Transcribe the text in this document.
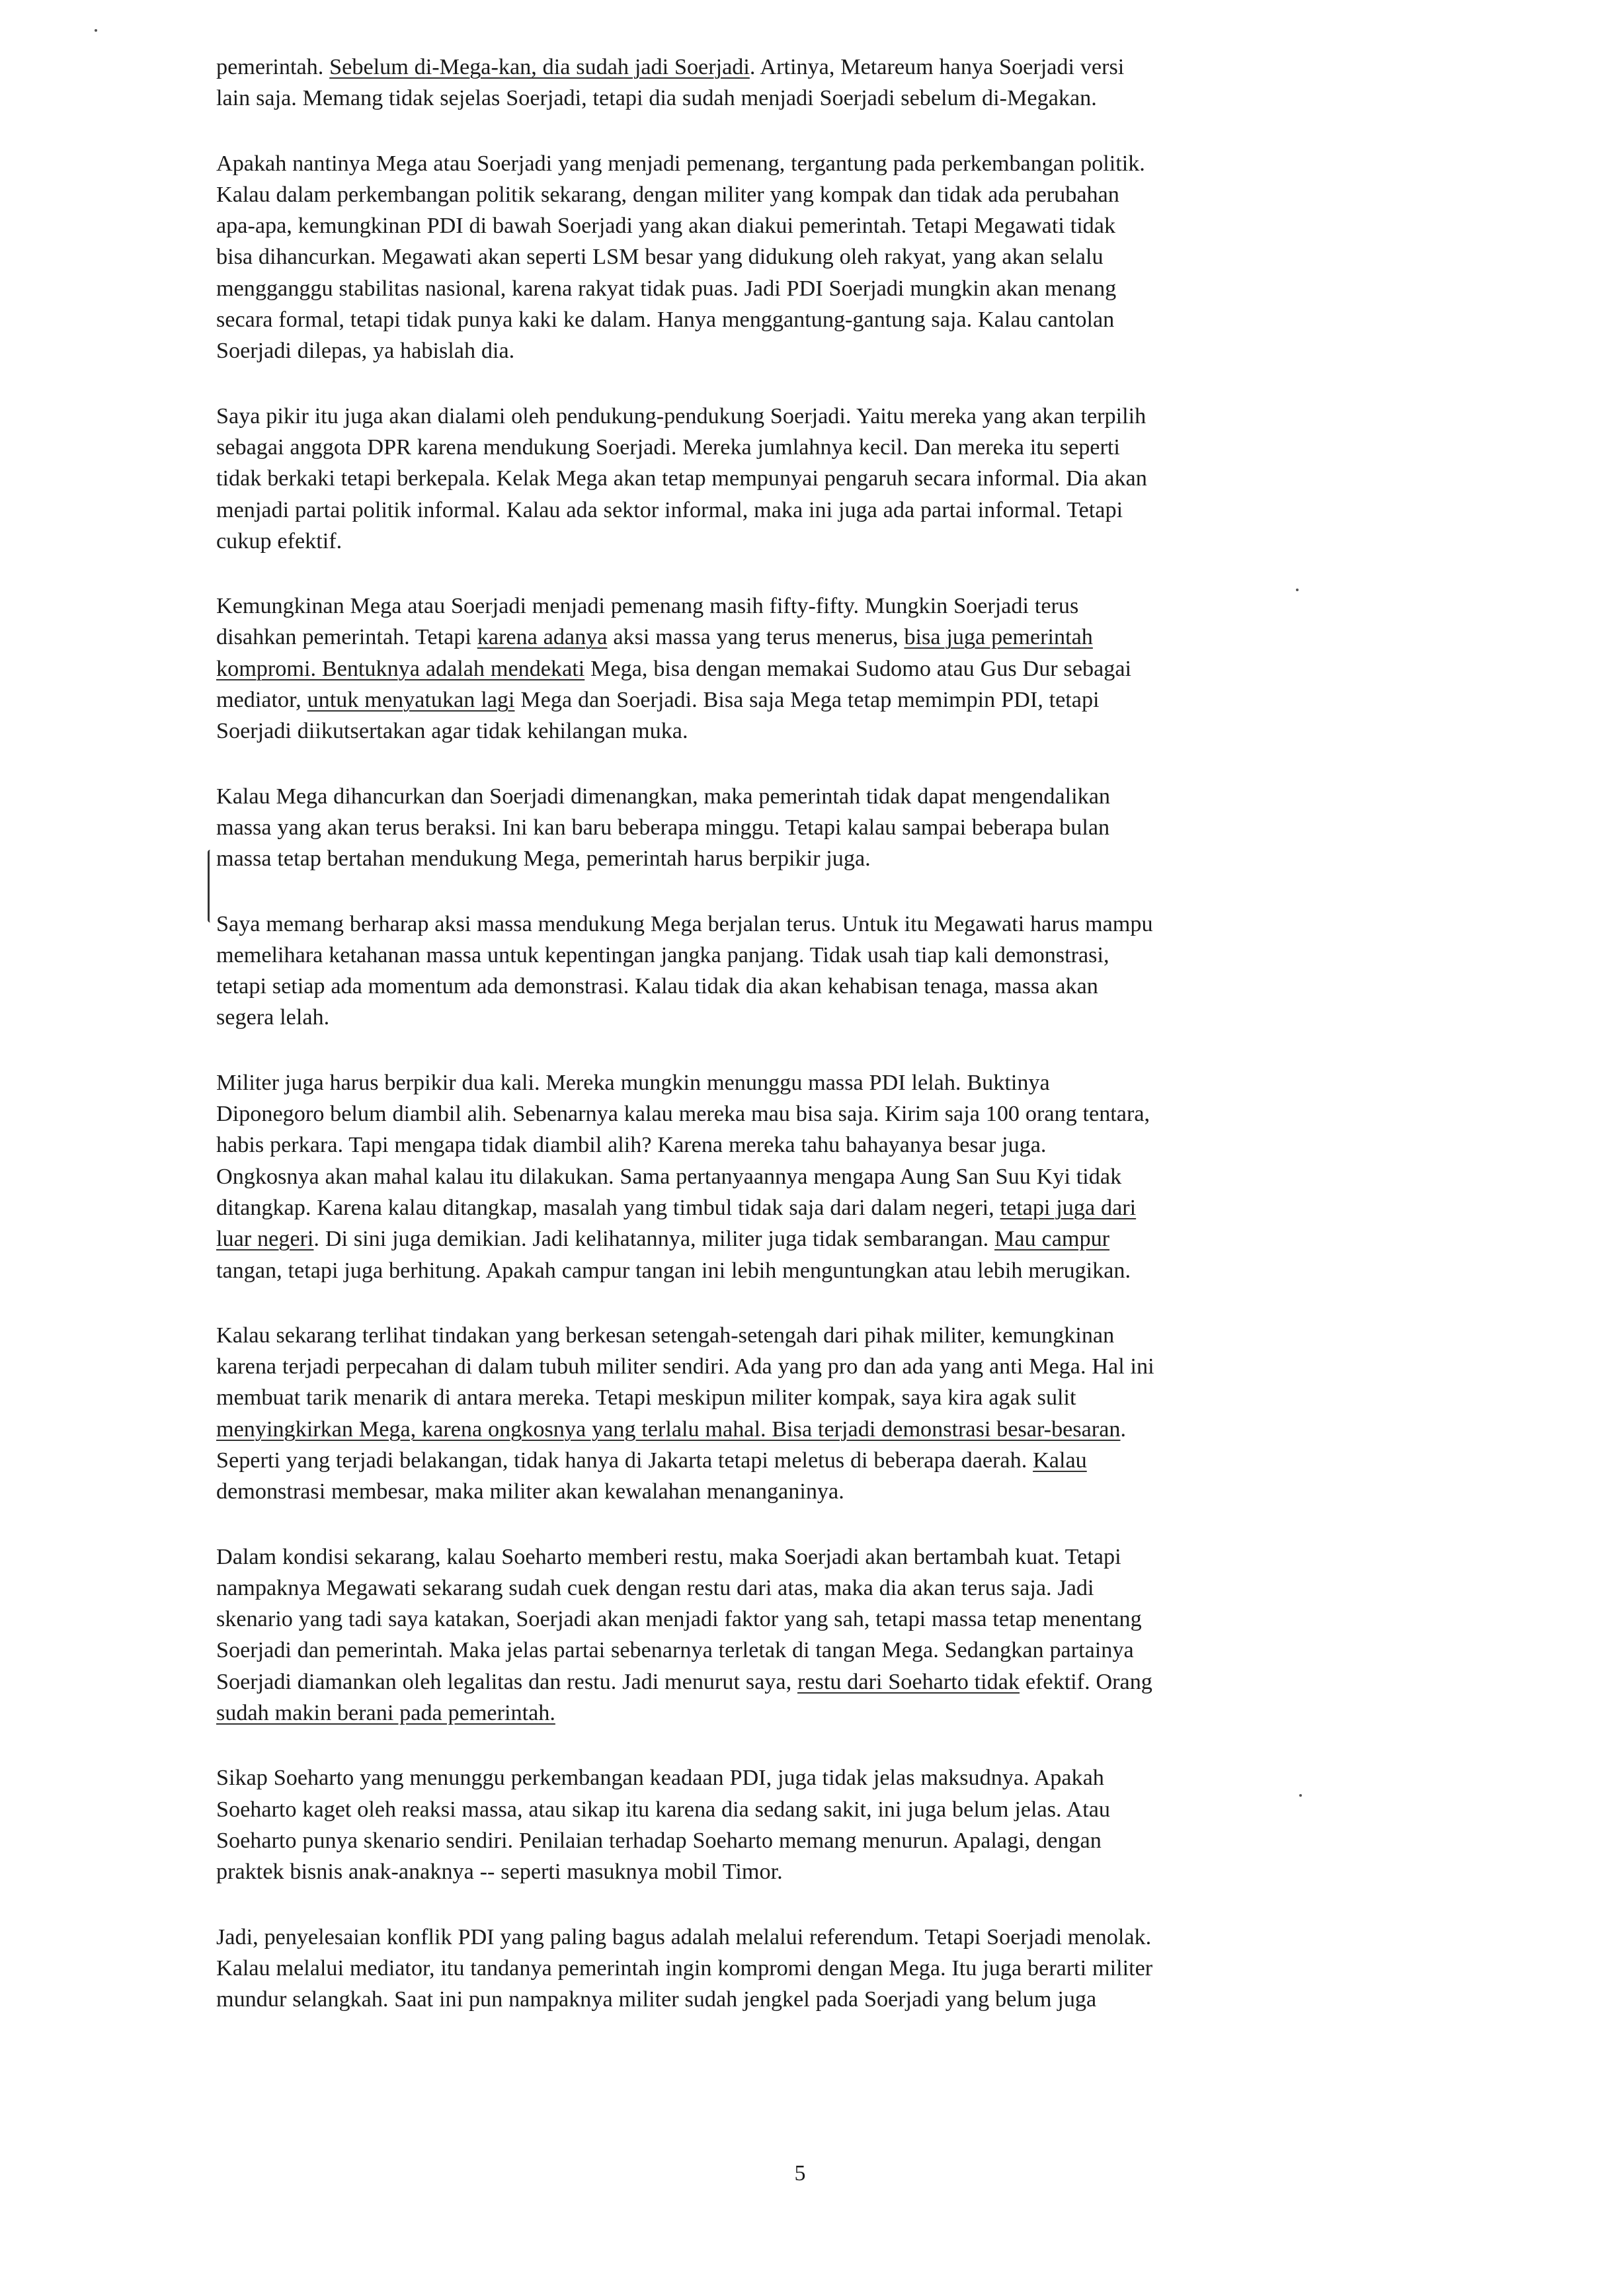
pemerintah. Sebelum di-Mega-kan, dia sudah jadi Soerjadi. Artinya, Metareum hanya Soerjadi versi
lain saja. Memang tidak sejelas Soerjadi, tetapi dia sudah menjadi Soerjadi sebelum di-Megakan.

Apakah nantinya Mega atau Soerjadi yang menjadi pemenang, tergantung pada perkembangan politik.
Kalau dalam perkembangan politik sekarang, dengan militer yang kompak dan tidak ada perubahan
apa-apa, kemungkinan PDI di bawah Soerjadi yang akan diakui pemerintah. Tetapi Megawati tidak
bisa dihancurkan. Megawati akan seperti LSM besar yang didukung oleh rakyat, yang akan selalu
mengganggu stabilitas nasional, karena rakyat tidak puas. Jadi PDI Soerjadi mungkin akan menang
secara formal, tetapi tidak punya kaki ke dalam. Hanya menggantung-gantung saja. Kalau cantolan
Soerjadi dilepas, ya habislah dia.

Saya pikir itu juga akan dialami oleh pendukung-pendukung Soerjadi. Yaitu mereka yang akan terpilih
sebagai anggota DPR karena mendukung Soerjadi. Mereka jumlahnya kecil. Dan mereka itu seperti
tidak berkaki tetapi berkepala. Kelak Mega akan tetap mempunyai pengaruh secara informal. Dia akan
menjadi partai politik informal. Kalau ada sektor informal, maka ini juga ada partai informal. Tetapi
cukup efektif.

Kemungkinan Mega atau Soerjadi menjadi pemenang masih fifty-fifty. Mungkin Soerjadi terus
disahkan pemerintah. Tetapi karena adanya aksi massa yang terus menerus, bisa juga pemerintah
kompromi. Bentuknya adalah mendekati Mega, bisa dengan memakai Sudomo atau Gus Dur sebagai
mediator, untuk menyatukan lagi Mega dan Soerjadi. Bisa saja Mega tetap memimpin PDI, tetapi
Soerjadi diikutsertakan agar tidak kehilangan muka.

Kalau Mega dihancurkan dan Soerjadi dimenangkan, maka pemerintah tidak dapat mengendalikan
massa yang akan terus beraksi. Ini kan baru beberapa minggu. Tetapi kalau sampai beberapa bulan
massa tetap bertahan mendukung Mega, pemerintah harus berpikir juga.

Saya memang berharap aksi massa mendukung Mega berjalan terus. Untuk itu Megawati harus mampu
memelihara ketahanan massa untuk kepentingan jangka panjang. Tidak usah tiap kali demonstrasi,
tetapi setiap ada momentum ada demonstrasi. Kalau tidak dia akan kehabisan tenaga, massa akan
segera lelah.

Militer juga harus berpikir dua kali. Mereka mungkin menunggu massa PDI lelah. Buktinya
Diponegoro belum diambil alih. Sebenarnya kalau mereka mau bisa saja. Kirim saja 100 orang tentara,
habis perkara. Tapi mengapa tidak diambil alih? Karena mereka tahu bahayanya besar juga.
Ongkosnya akan mahal kalau itu dilakukan. Sama pertanyaannya mengapa Aung San Suu Kyi tidak
ditangkap. Karena kalau ditangkap, masalah yang timbul tidak saja dari dalam negeri, tetapi juga dari
luar negeri. Di sini juga demikian. Jadi kelihatannya, militer juga tidak sembarangan. Mau campur
tangan, tetapi juga berhitung. Apakah campur tangan ini lebih menguntungkan atau lebih merugikan.

Kalau sekarang terlihat tindakan yang berkesan setengah-setengah dari pihak militer, kemungkinan
karena terjadi perpecahan di dalam tubuh militer sendiri. Ada yang pro dan ada yang anti Mega. Hal ini
membuat tarik menarik di antara mereka. Tetapi meskipun militer kompak, saya kira agak sulit
menyingkirkan Mega, karena ongkosnya yang terlalu mahal. Bisa terjadi demonstrasi besar-besaran.
Seperti yang terjadi belakangan, tidak hanya di Jakarta tetapi meletus di beberapa daerah. Kalau
demonstrasi membesar, maka militer akan kewalahan menanganinya.

Dalam kondisi sekarang, kalau Soeharto memberi restu, maka Soerjadi akan bertambah kuat. Tetapi
nampaknya Megawati sekarang sudah cuek dengan restu dari atas, maka dia akan terus saja. Jadi
skenario yang tadi saya katakan, Soerjadi akan menjadi faktor yang sah, tetapi massa tetap menentang
Soerjadi dan pemerintah. Maka jelas partai sebenarnya terletak di tangan Mega. Sedangkan partainya
Soerjadi diamankan oleh legalitas dan restu. Jadi menurut saya, restu dari Soeharto tidak efektif. Orang
sudah makin berani pada pemerintah.

Sikap Soeharto yang menunggu perkembangan keadaan PDI, juga tidak jelas maksudnya. Apakah
Soeharto kaget oleh reaksi massa, atau sikap itu karena dia sedang sakit, ini juga belum jelas. Atau
Soeharto punya skenario sendiri. Penilaian terhadap Soeharto memang menurun. Apalagi, dengan
praktek bisnis anak-anaknya -- seperti masuknya mobil Timor.

Jadi, penyelesaian konflik PDI yang paling bagus adalah melalui referendum. Tetapi Soerjadi menolak.
Kalau melalui mediator, itu tandanya pemerintah ingin kompromi dengan Mega. Itu juga berarti militer
mundur selangkah. Saat ini pun nampaknya militer sudah jengkel pada Soerjadi yang belum juga

5
